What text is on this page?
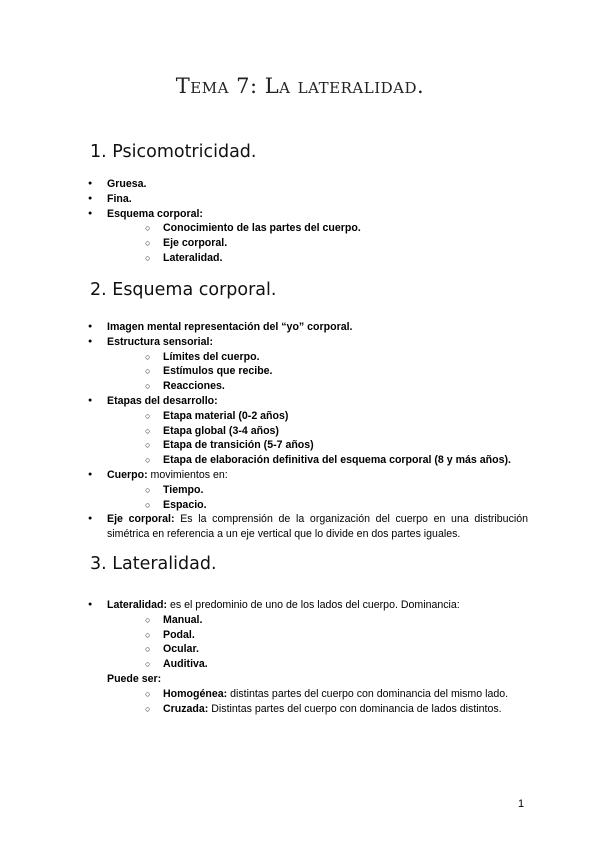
Tema 7: La lateralidad.
1. Psicomotricidad.
● Gruesa.
● Fina.
● Esquema corporal:
○ Conocimiento de las partes del cuerpo.
○ Eje corporal.
○ Lateralidad.
2. Esquema corporal.
● Imagen mental representación del “yo” corporal.
● Estructura sensorial:
○ Límites del cuerpo.
○ Estímulos que recibe.
○ Reacciones.
● Etapas del desarrollo:
○ Etapa material (0-2 años)
○ Etapa global (3-4 años)
○ Etapa de transición (5-7 años)
○ Etapa de elaboración definitiva del esquema corporal (8 y más años).
● Cuerpo: movimientos en:
○ Tiempo.
○ Espacio.
● Eje corporal: Es la comprensión de la organización del cuerpo en una distribución simétrica en referencia a un eje vertical que lo divide en dos partes iguales.
3. Lateralidad.
● Lateralidad: es el predominio de uno de los lados del cuerpo. Dominancia:
○ Manual.
○ Podal.
○ Ocular.
○ Auditiva.
Puede ser:
○ Homogénea: distintas partes del cuerpo con dominancia del mismo lado.
○ Cruzada: Distintas partes del cuerpo con dominancia de lados distintos.
1
